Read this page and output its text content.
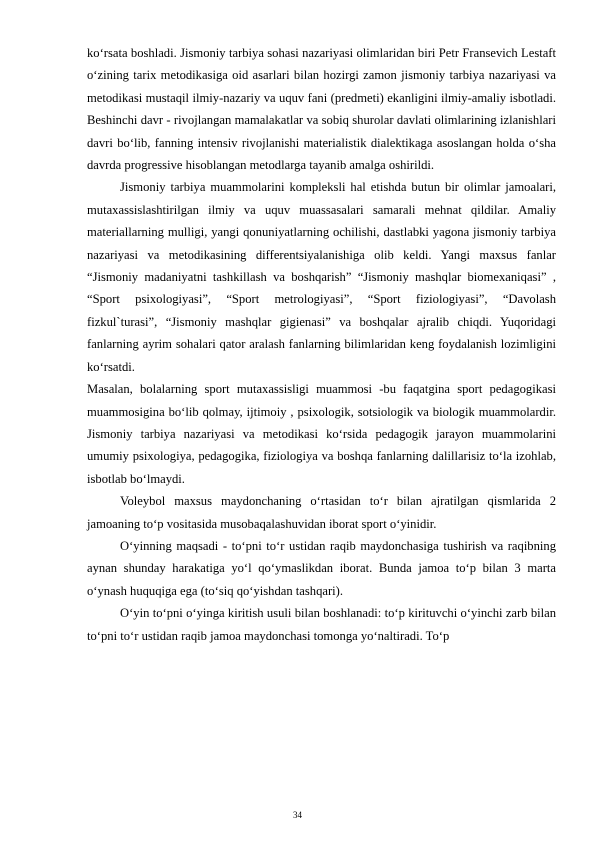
ko‘rsata boshladi. Jismoniy tarbiya sohasi nazariyasi olimlaridan biri Petr Fransevich Lestaft o‘zining tarix metodikasiga oid asarlari bilan hozirgi zamon jismoniy tarbiya nazariyasi va metodikasi mustaqil ilmiy-nazariy va uquv fani (predmeti) ekanligini ilmiy-amaliy isbotladi. Beshinchi davr - rivojlangan mamalakatlar va sobiq shurolar davlati olimlarining izlanishlari davri bo‘lib, fanning intensiv rivojlanishi materialistik dialektikaga asoslangan holda o‘sha davrda progressive hisoblangan metodlarga tayanib amalga oshirildi.

Jismoniy tarbiya muammolarini kompleksli hal etishda butun bir olimlar jamoalari, mutaxassislashtirilgan ilmiy va uquv muassasalari samarali mehnat qildilar. Amaliy materiallarning mulligi, yangi qonuniyatlarning ochilishi, dastlabki yagona jismoniy tarbiya nazariyasi va metodikasining differentsiyalanishiga olib keldi. Yangi maxsus fanlar “Jismoniy madaniyatni tashkillash va boshqarish” “Jismoniy mashqlar biomexaniqasi” , “Sport psixologiyasi”, “Sport metrologiyasi”, “Sport fiziologiyasi”, “Davolash fizkul`turasi”, “Jismoniy mashqlar gigienasi” va boshqalar ajralib chiqdi. Yuqoridagi fanlarning ayrim sohalari qator aralash fanlarning bilimlaridan keng foydalanish lozimligini ko‘rsatdi.

Masalan, bolalarning sport mutaxassisligi muammosi -bu faqatgina sport pedagogikasi muammosigina bo‘lib qolmay, ijtimoiy , psixologik, sotsiologik va biologik muammolardir. Jismoniy tarbiya nazariyasi va metodikasi ko‘rsida pedagogik jarayon muammolarini umumiy psixologiya, pedagogika, fiziologiya va boshqa fanlarning dalillarisiz to‘la izohlab, isbotlab bo‘lmaydi.

Voleybol maxsus maydonchaning o‘rtasidan to‘r bilan ajratilgan qismlarida 2 jamoaning to‘p vositasida musobaqalashuvidan iborat sport o‘yinidir.

O‘yinning maqsadi - to‘pni to‘r ustidan raqib maydonchasiga tushirish va raqibning aynan shunday harakatiga yo‘l qo‘ymaslikdan iborat. Bunda jamoa to‘p bilan 3 marta o‘ynash huquqiga ega (to‘siq qo‘yishdan tashqari).

O‘yin to‘pni o‘yinga kiritish usuli bilan boshlanadi: to‘p kirituvchi o‘yinchi zarb bilan to‘pni to‘r ustidan raqib jamoa maydonchasi tomonga yo‘naltiradi. To‘p

34
